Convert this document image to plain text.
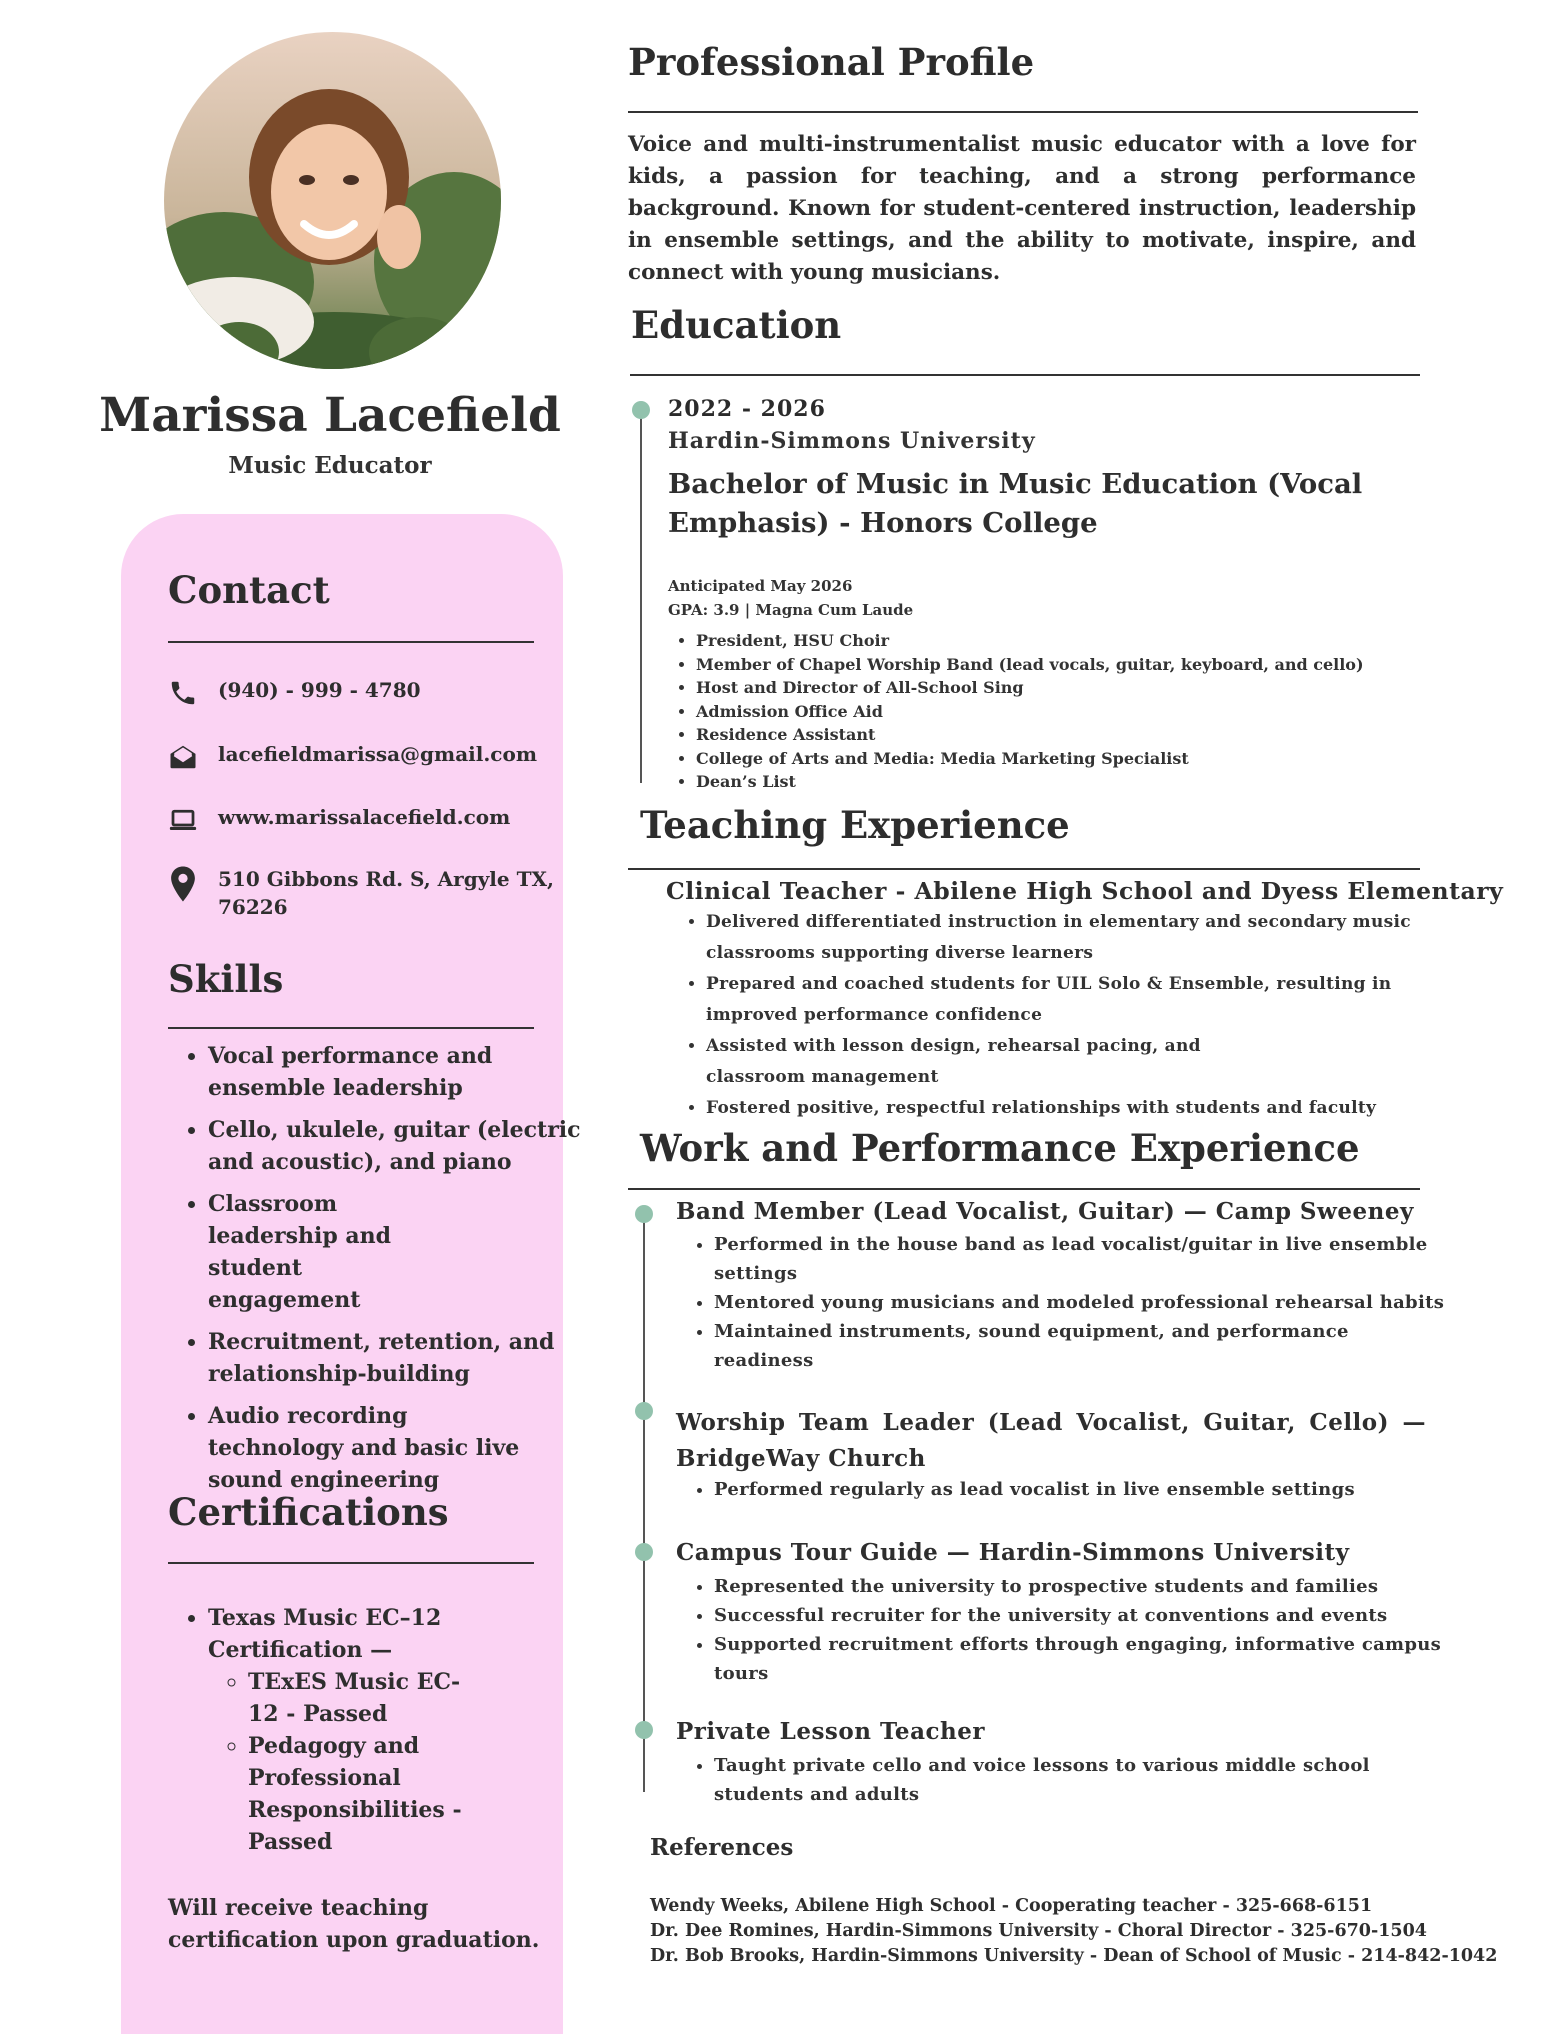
Marissa Lacefield
Music Educator
Contact
(940) - 999 - 4780
lacefieldmarissa@gmail.com
www.marissalacefield.com
510 Gibbons Rd. S, Argyle TX,
76226
Skills
• Vocal performance and ensemble leadership
• Cello, ukulele, guitar (electric and acoustic), and piano
• Classroom leadership and student engagement
• Recruitment, retention, and relationship-building
• Audio recording technology and basic live sound engineering
Certifications
• Texas Music EC–12 Certification —
◦ TExES Music EC-12 - Passed
◦ Pedagogy and Professional Responsibilities - Passed
Will receive teaching certification upon graduation.
Professional Profile

Voice and multi-instrumentalist music educator with a love for kids, a passion for teaching, and a strong performance background. Known for student-centered instruction, leadership in ensemble settings, and the ability to motivate, inspire, and connect with young musicians.

Education
2022 - 2026
Hardin-Simmons University
Bachelor of Music in Music Education (Vocal Emphasis) - Honors College
Anticipated May 2026
GPA: 3.9 | Magna Cum Laude
• President, HSU Choir
• Member of Chapel Worship Band (lead vocals, guitar, keyboard, and cello)
• Host and Director of All-School Sing
• Admission Office Aid
• Residence Assistant
• College of Arts and Media: Media Marketing Specialist
• Dean’s List
Teaching Experience
Clinical Teacher - Abilene High School and Dyess Elementary
• Delivered differentiated instruction in elementary and secondary music classrooms supporting diverse learners
• Prepared and coached students for UIL Solo & Ensemble, resulting in improved performance confidence
• Assisted with lesson design, rehearsal pacing, and classroom management
• Fostered positive, respectful relationships with students and faculty
Work and Performance Experience
Band Member (Lead Vocalist, Guitar) — Camp Sweeney
• Performed in the house band as lead vocalist/guitar in live ensemble settings
• Mentored young musicians and modeled professional rehearsal habits
• Maintained instruments, sound equipment, and performance readiness
Worship Team Leader (Lead Vocalist, Guitar, Cello) — BridgeWay Church
• Performed regularly as lead vocalist in live ensemble settings
Campus Tour Guide — Hardin-Simmons University
• Represented the university to prospective students and families
• Successful recruiter for the university at conventions and events
• Supported recruitment efforts through engaging, informative campus tours
Private Lesson Teacher
• Taught private cello and voice lessons to various middle school students and adults
References
Wendy Weeks, Abilene High School - Cooperating teacher - 325-668-6151
Dr. Dee Romines, Hardin-Simmons University - Choral Director - 325-670-1504
Dr. Bob Brooks, Hardin-Simmons University - Dean of School of Music - 214-842-1042
